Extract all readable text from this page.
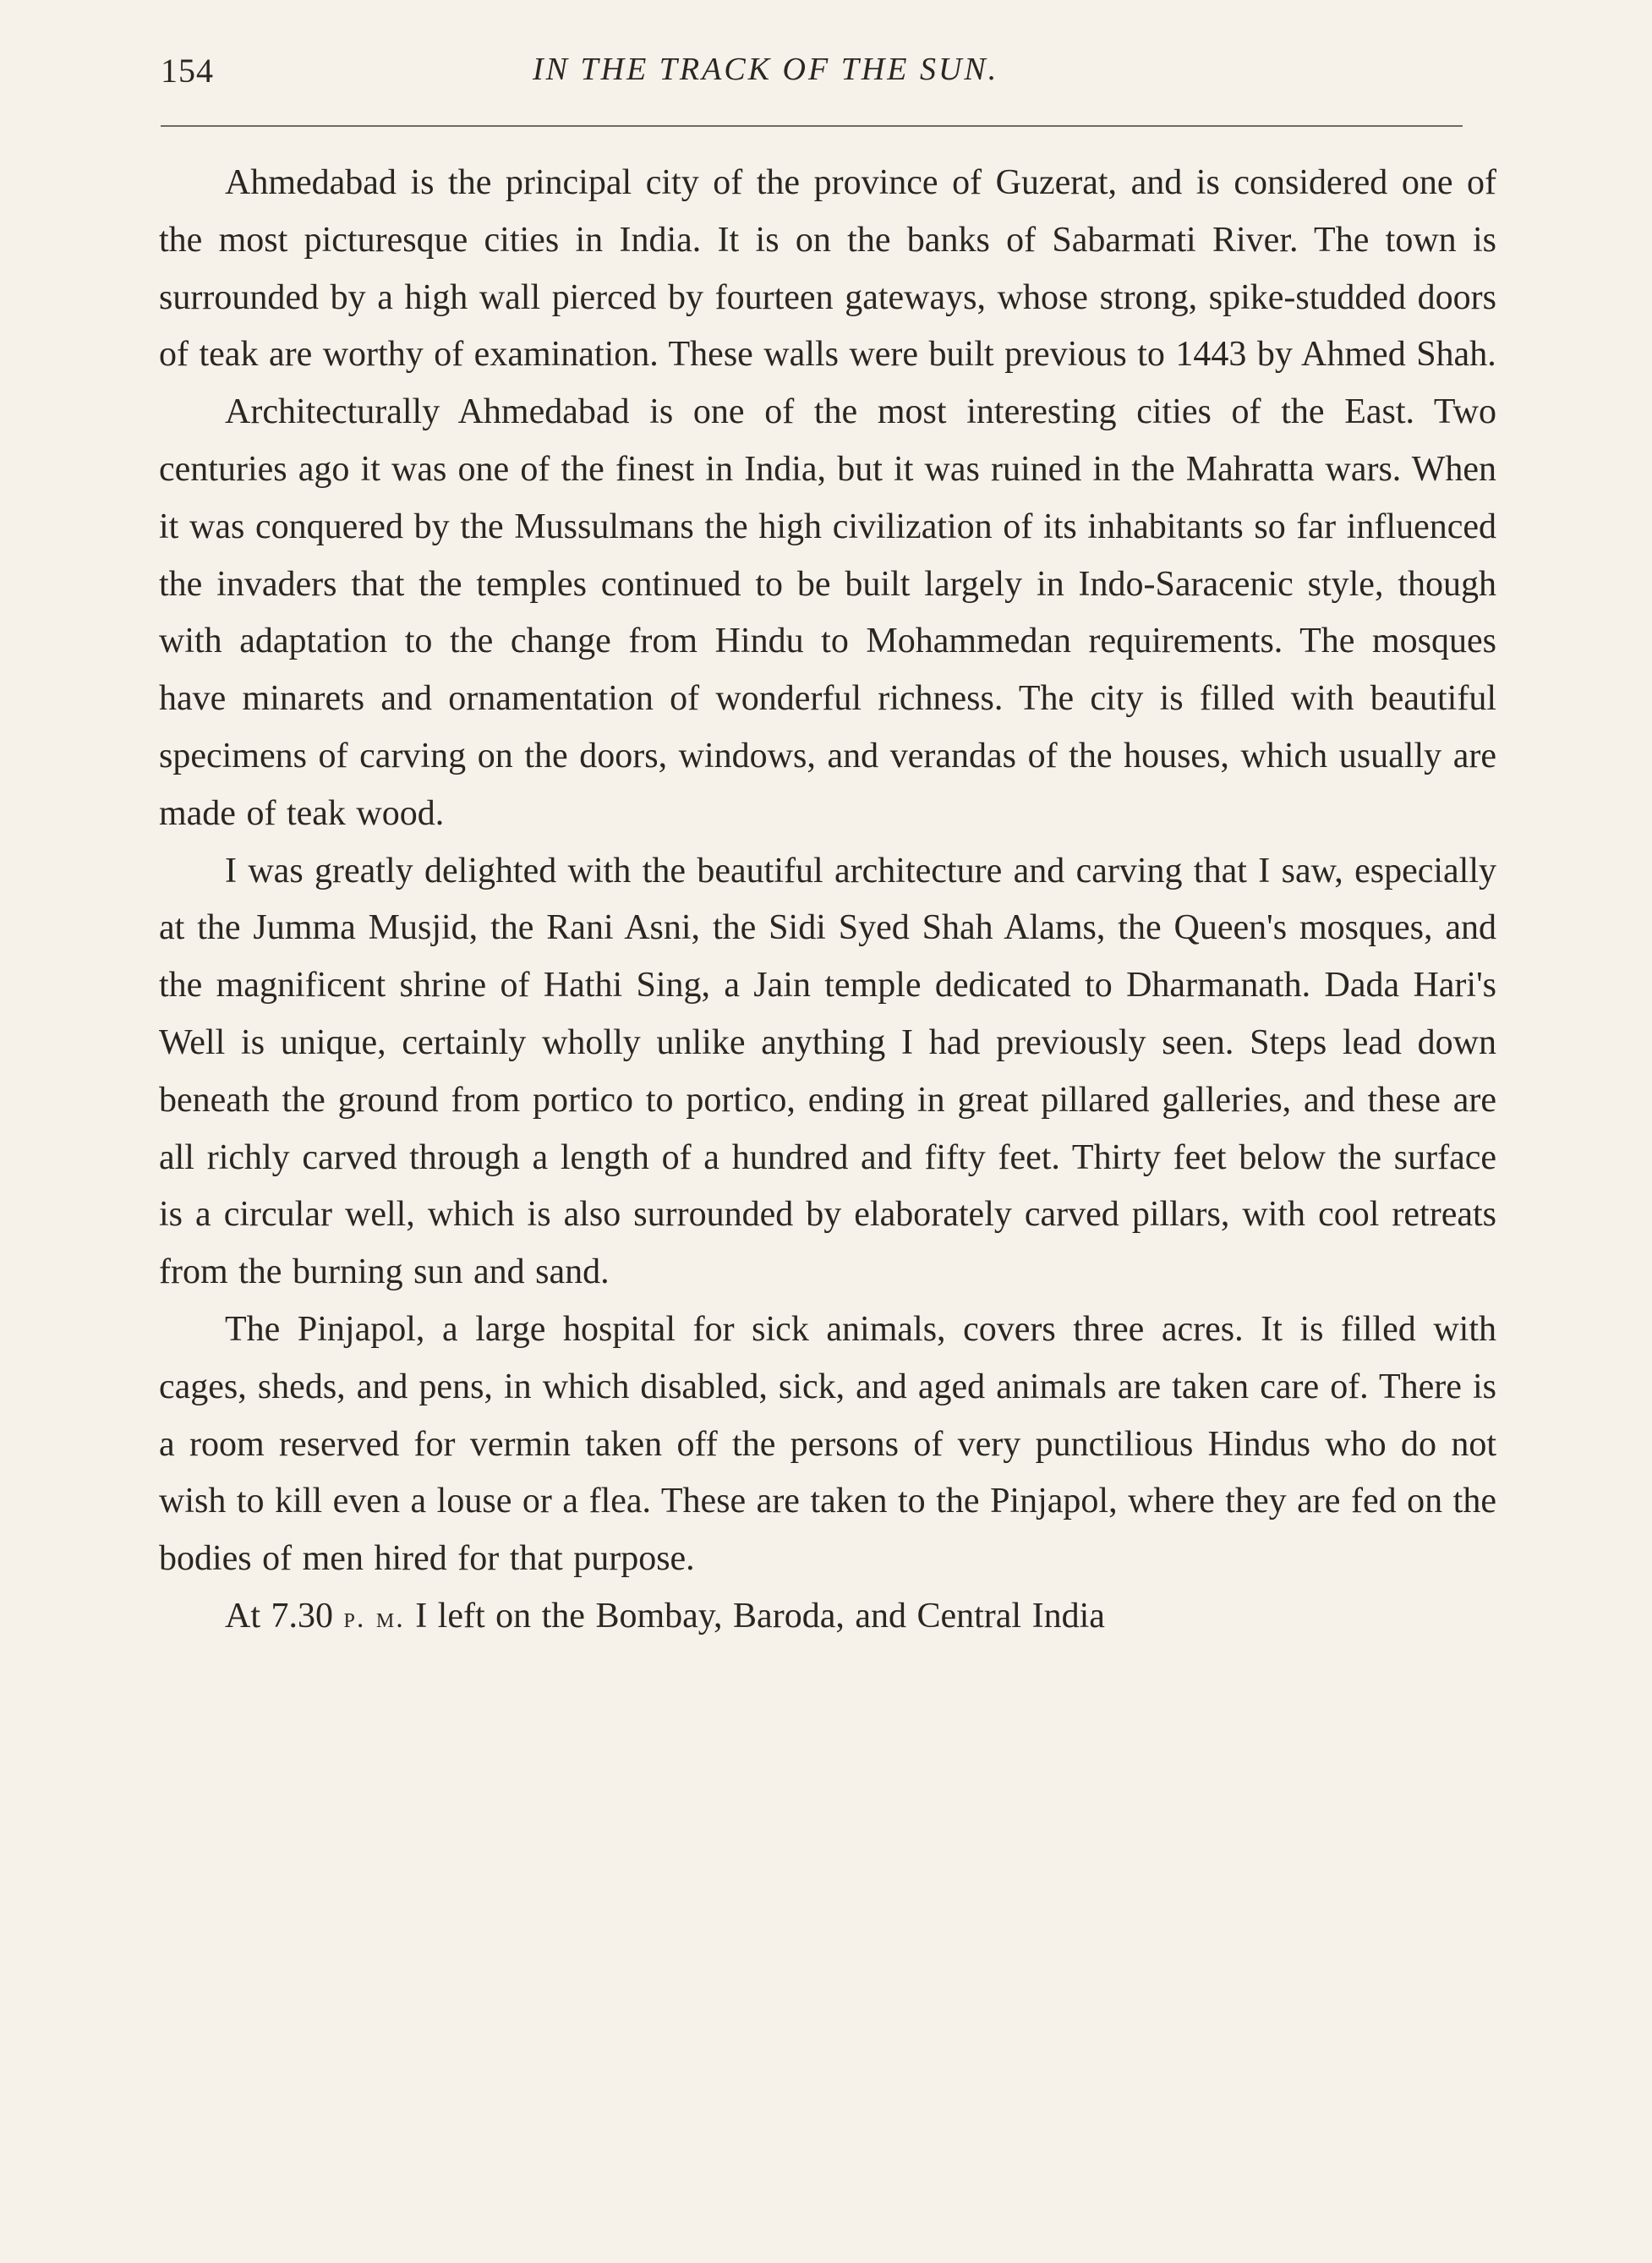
154	IN THE TRACK OF THE SUN.

Ahmedabad is the principal city of the province of Guzerat, and is considered one of the most picturesque cities in India. It is on the banks of Sabarmati River. The town is surrounded by a high wall pierced by fourteen gateways, whose strong, spike-studded doors of teak are worthy of examination. These walls were built previous to 1443 by Ahmed Shah.

Architecturally Ahmedabad is one of the most interesting cities of the East. Two centuries ago it was one of the finest in India, but it was ruined in the Mahratta wars. When it was conquered by the Mussulmans the high civilization of its inhabitants so far influenced the invaders that the temples continued to be built largely in Indo-Saracenic style, though with adaptation to the change from Hindu to Mohammedan requirements. The mosques have minarets and ornamentation of wonderful richness. The city is filled with beautiful specimens of carving on the doors, windows, and verandas of the houses, which usually are made of teak wood.

I was greatly delighted with the beautiful architecture and carving that I saw, especially at the Jumma Musjid, the Rani Asni, the Sidi Syed Shah Alams, the Queen's mosques, and the magnificent shrine of Hathi Sing, a Jain temple dedicated to Dharmanath. Dada Hari's Well is unique, certainly wholly unlike anything I had previously seen. Steps lead down beneath the ground from portico to portico, ending in great pillared galleries, and these are all richly carved through a length of a hundred and fifty feet. Thirty feet below the surface is a circular well, which is also surrounded by elaborately carved pillars, with cool retreats from the burning sun and sand.

The Pinjapol, a large hospital for sick animals, covers three acres. It is filled with cages, sheds, and pens, in which disabled, sick, and aged animals are taken care of. There is a room reserved for vermin taken off the persons of very punctilious Hindus who do not wish to kill even a louse or a flea. These are taken to the Pinjapol, where they are fed on the bodies of men hired for that purpose.

At 7.30 p. m. I left on the Bombay, Baroda, and Central India
